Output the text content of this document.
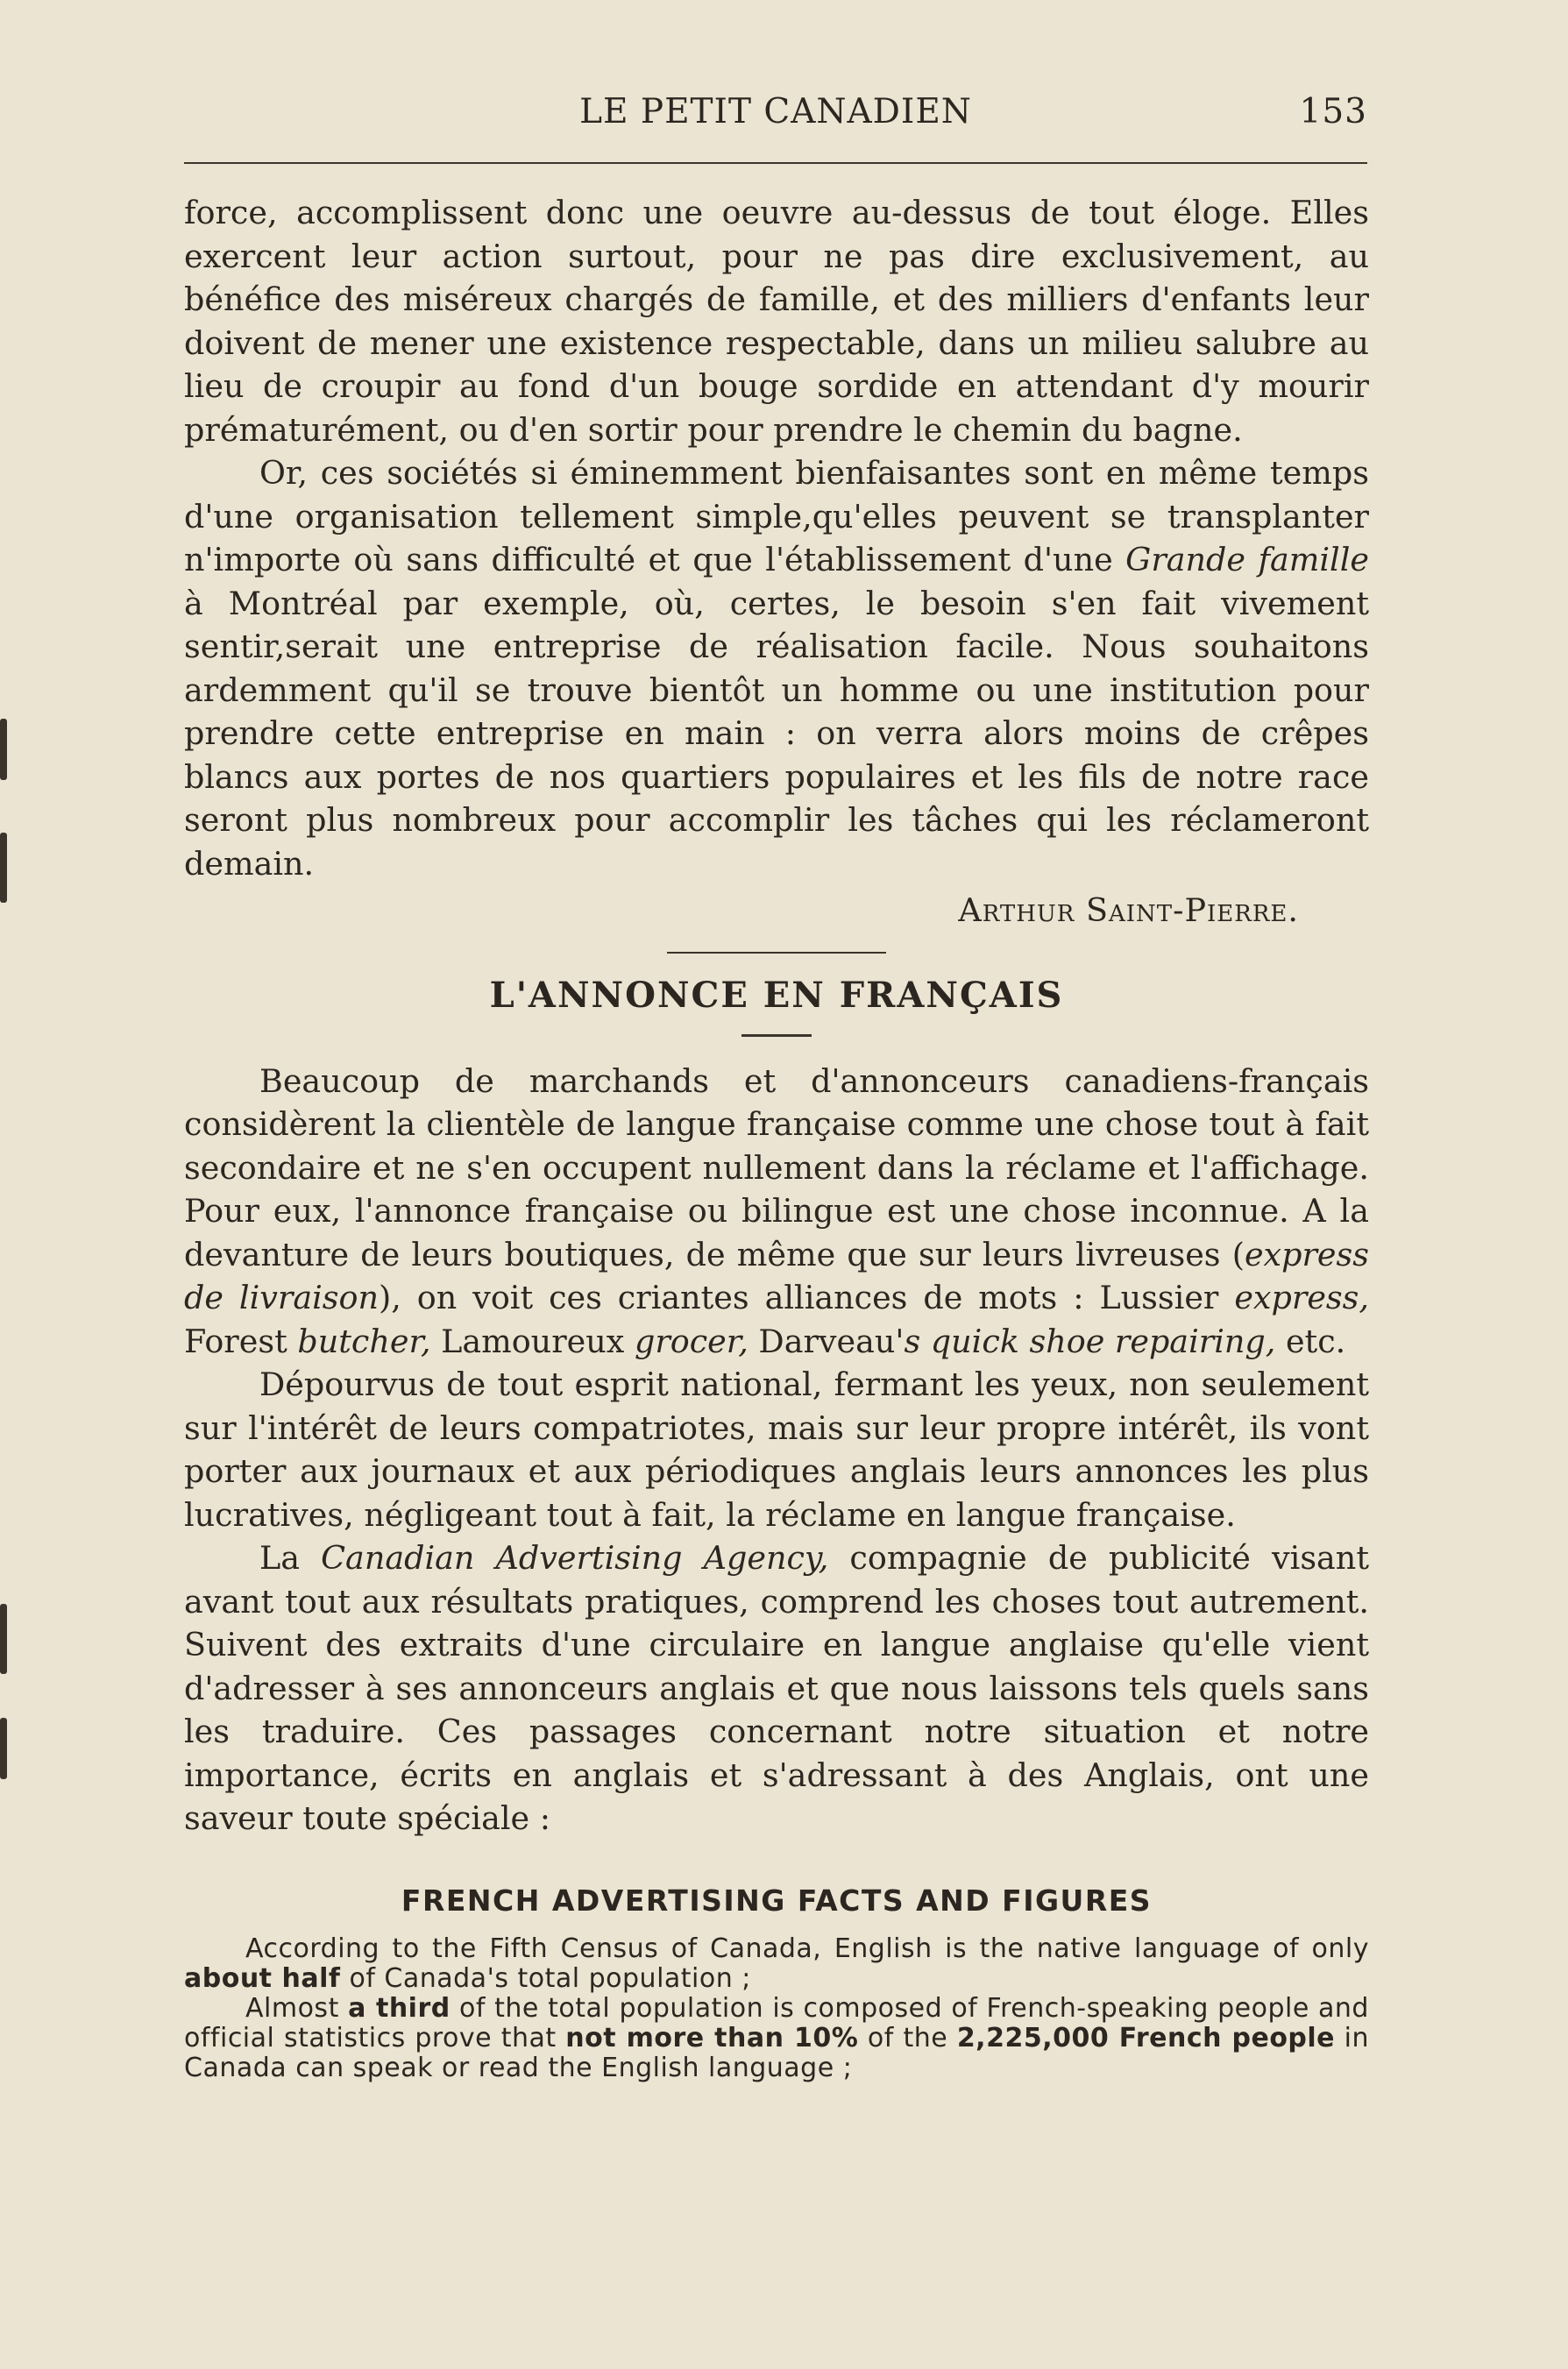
LE PETIT CANADIEN	153

force, accomplissent donc une oeuvre au-dessus de tout éloge. Elles exercent leur action surtout, pour ne pas dire exclusivement, au bénéfice des miséreux chargés de famille, et des milliers d'enfants leur doivent de mener une existence respectable, dans un milieu salubre au lieu de croupir au fond d'un bouge sordide en attendant d'y mourir prématurément, ou d'en sortir pour prendre le chemin du bagne.

Or, ces sociétés si éminemment bienfaisantes sont en même temps d'une organisation tellement simple,qu'elles peuvent se transplanter n'importe où sans difficulté et que l'établissement d'une Grande famille à Montréal par exemple, où, certes, le besoin s'en fait vivement sentir,serait une entreprise de réalisation facile. Nous souhaitons ardemment qu'il se trouve bientôt un homme ou une institution pour prendre cette entreprise en main : on verra alors moins de crêpes blancs aux portes de nos quartiers populaires et les fils de notre race seront plus nombreux pour accomplir les tâches qui les réclameront demain.

Arthur Saint-Pierre.
L'ANNONCE EN FRANÇAIS

Beaucoup de marchands et d'annonceurs canadiens-français considèrent la clientèle de langue française comme une chose tout à fait secondaire et ne s'en occupent nullement dans la réclame et l'affichage. Pour eux, l'annonce française ou bilingue est une chose inconnue. A la devanture de leurs boutiques, de même que sur leurs livreuses (express de livraison), on voit ces criantes alliances de mots : Lussier express, Forest butcher, Lamoureux grocer, Darveau's quick shoe repairing, etc.

Dépourvus de tout esprit national, fermant les yeux, non seulement sur l'intérêt de leurs compatriotes, mais sur leur propre intérêt, ils vont porter aux journaux et aux périodiques anglais leurs annonces les plus lucratives, négligeant tout à fait, la réclame en langue française.

La Canadian Advertising Agency, compagnie de publicité visant avant tout aux résultats pratiques, comprend les choses tout autrement. Suivent des extraits d'une circulaire en langue anglaise qu'elle vient d'adresser à ses annonceurs anglais et que nous laissons tels quels sans les traduire. Ces passages concernant notre situation et notre importance, écrits en anglais et s'adressant à des Anglais, ont une saveur toute spéciale :

FRENCH ADVERTISING FACTS AND FIGURES

According to the Fifth Census of Canada, English is the native language of only about half of Canada's total population ;

Almost a third of the total population is composed of French-speaking people and official statistics prove that not more than 10% of the 2,225,000 French people in Canada can speak or read the English language ;
